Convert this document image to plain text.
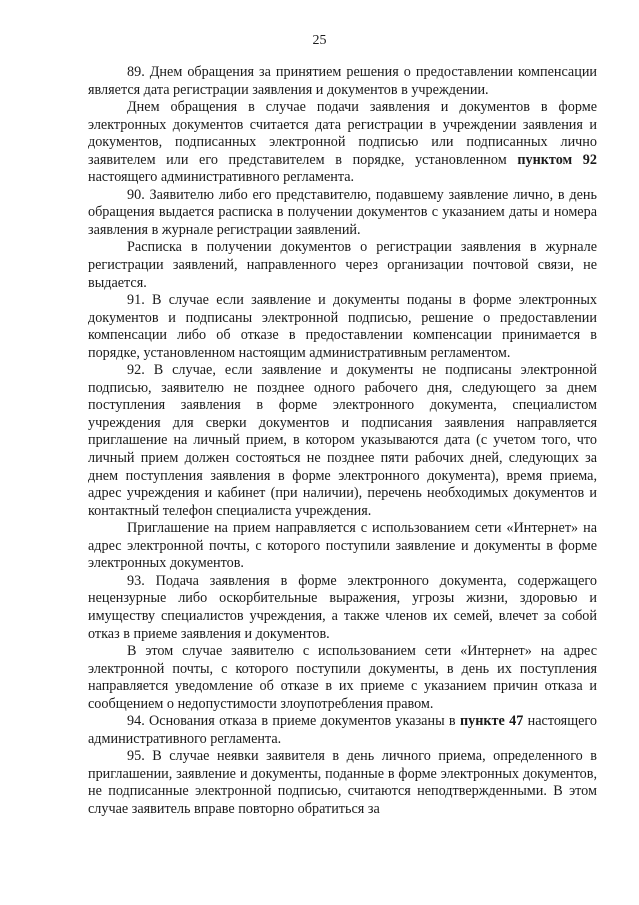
25

89. Днем обращения за принятием решения о предоставлении компенсации является дата регистрации заявления и документов в учреждении.

Днем обращения в случае подачи заявления и документов в форме электронных документов считается дата регистрации в учреждении заявления и документов, подписанных электронной подписью или подписанных лично заявителем или его представителем в порядке, установленном пунктом 92 настоящего административного регламента.

90. Заявителю либо его представителю, подавшему заявление лично, в день обращения выдается расписка в получении документов с указанием даты и номера заявления в журнале регистрации заявлений.

Расписка в получении документов о регистрации заявления в журнале регистрации заявлений, направленного через организации почтовой связи, не выдается.

91. В случае если заявление и документы поданы в форме электронных документов и подписаны электронной подписью, решение о предоставлении компенсации либо об отказе в предоставлении компенсации принимается в порядке, установленном настоящим административным регламентом.

92. В случае, если заявление и документы не подписаны электронной подписью, заявителю не позднее одного рабочего дня, следующего за днем поступления заявления в форме электронного документа, специалистом учреждения для сверки документов и подписания заявления направляется приглашение на личный прием, в котором указываются дата (с учетом того, что личный прием должен состояться не позднее пяти рабочих дней, следующих за днем поступления заявления в форме электронного документа), время приема, адрес учреждения и кабинет (при наличии), перечень необходимых документов и контактный телефон специалиста учреждения.

Приглашение на прием направляется с использованием сети «Интернет» на адрес электронной почты, с которого поступили заявление и документы в форме электронных документов.

93. Подача заявления в форме электронного документа, содержащего нецензурные либо оскорбительные выражения, угрозы жизни, здоровью и имуществу специалистов учреждения, а также членов их семей, влечет за собой отказ в приеме заявления и документов.

В этом случае заявителю с использованием сети «Интернет» на адрес электронной почты, с которого поступили документы, в день их поступления направляется уведомление об отказе в их приеме с указанием причин отказа и сообщением о недопустимости злоупотребления правом.

94. Основания отказа в приеме документов указаны в пункте 47 настоящего административного регламента.

95. В случае неявки заявителя в день личного приема, определенного в приглашении, заявление и документы, поданные в форме электронных документов, не подписанные электронной подписью, считаются неподтвержденными. В этом случае заявитель вправе повторно обратиться за
